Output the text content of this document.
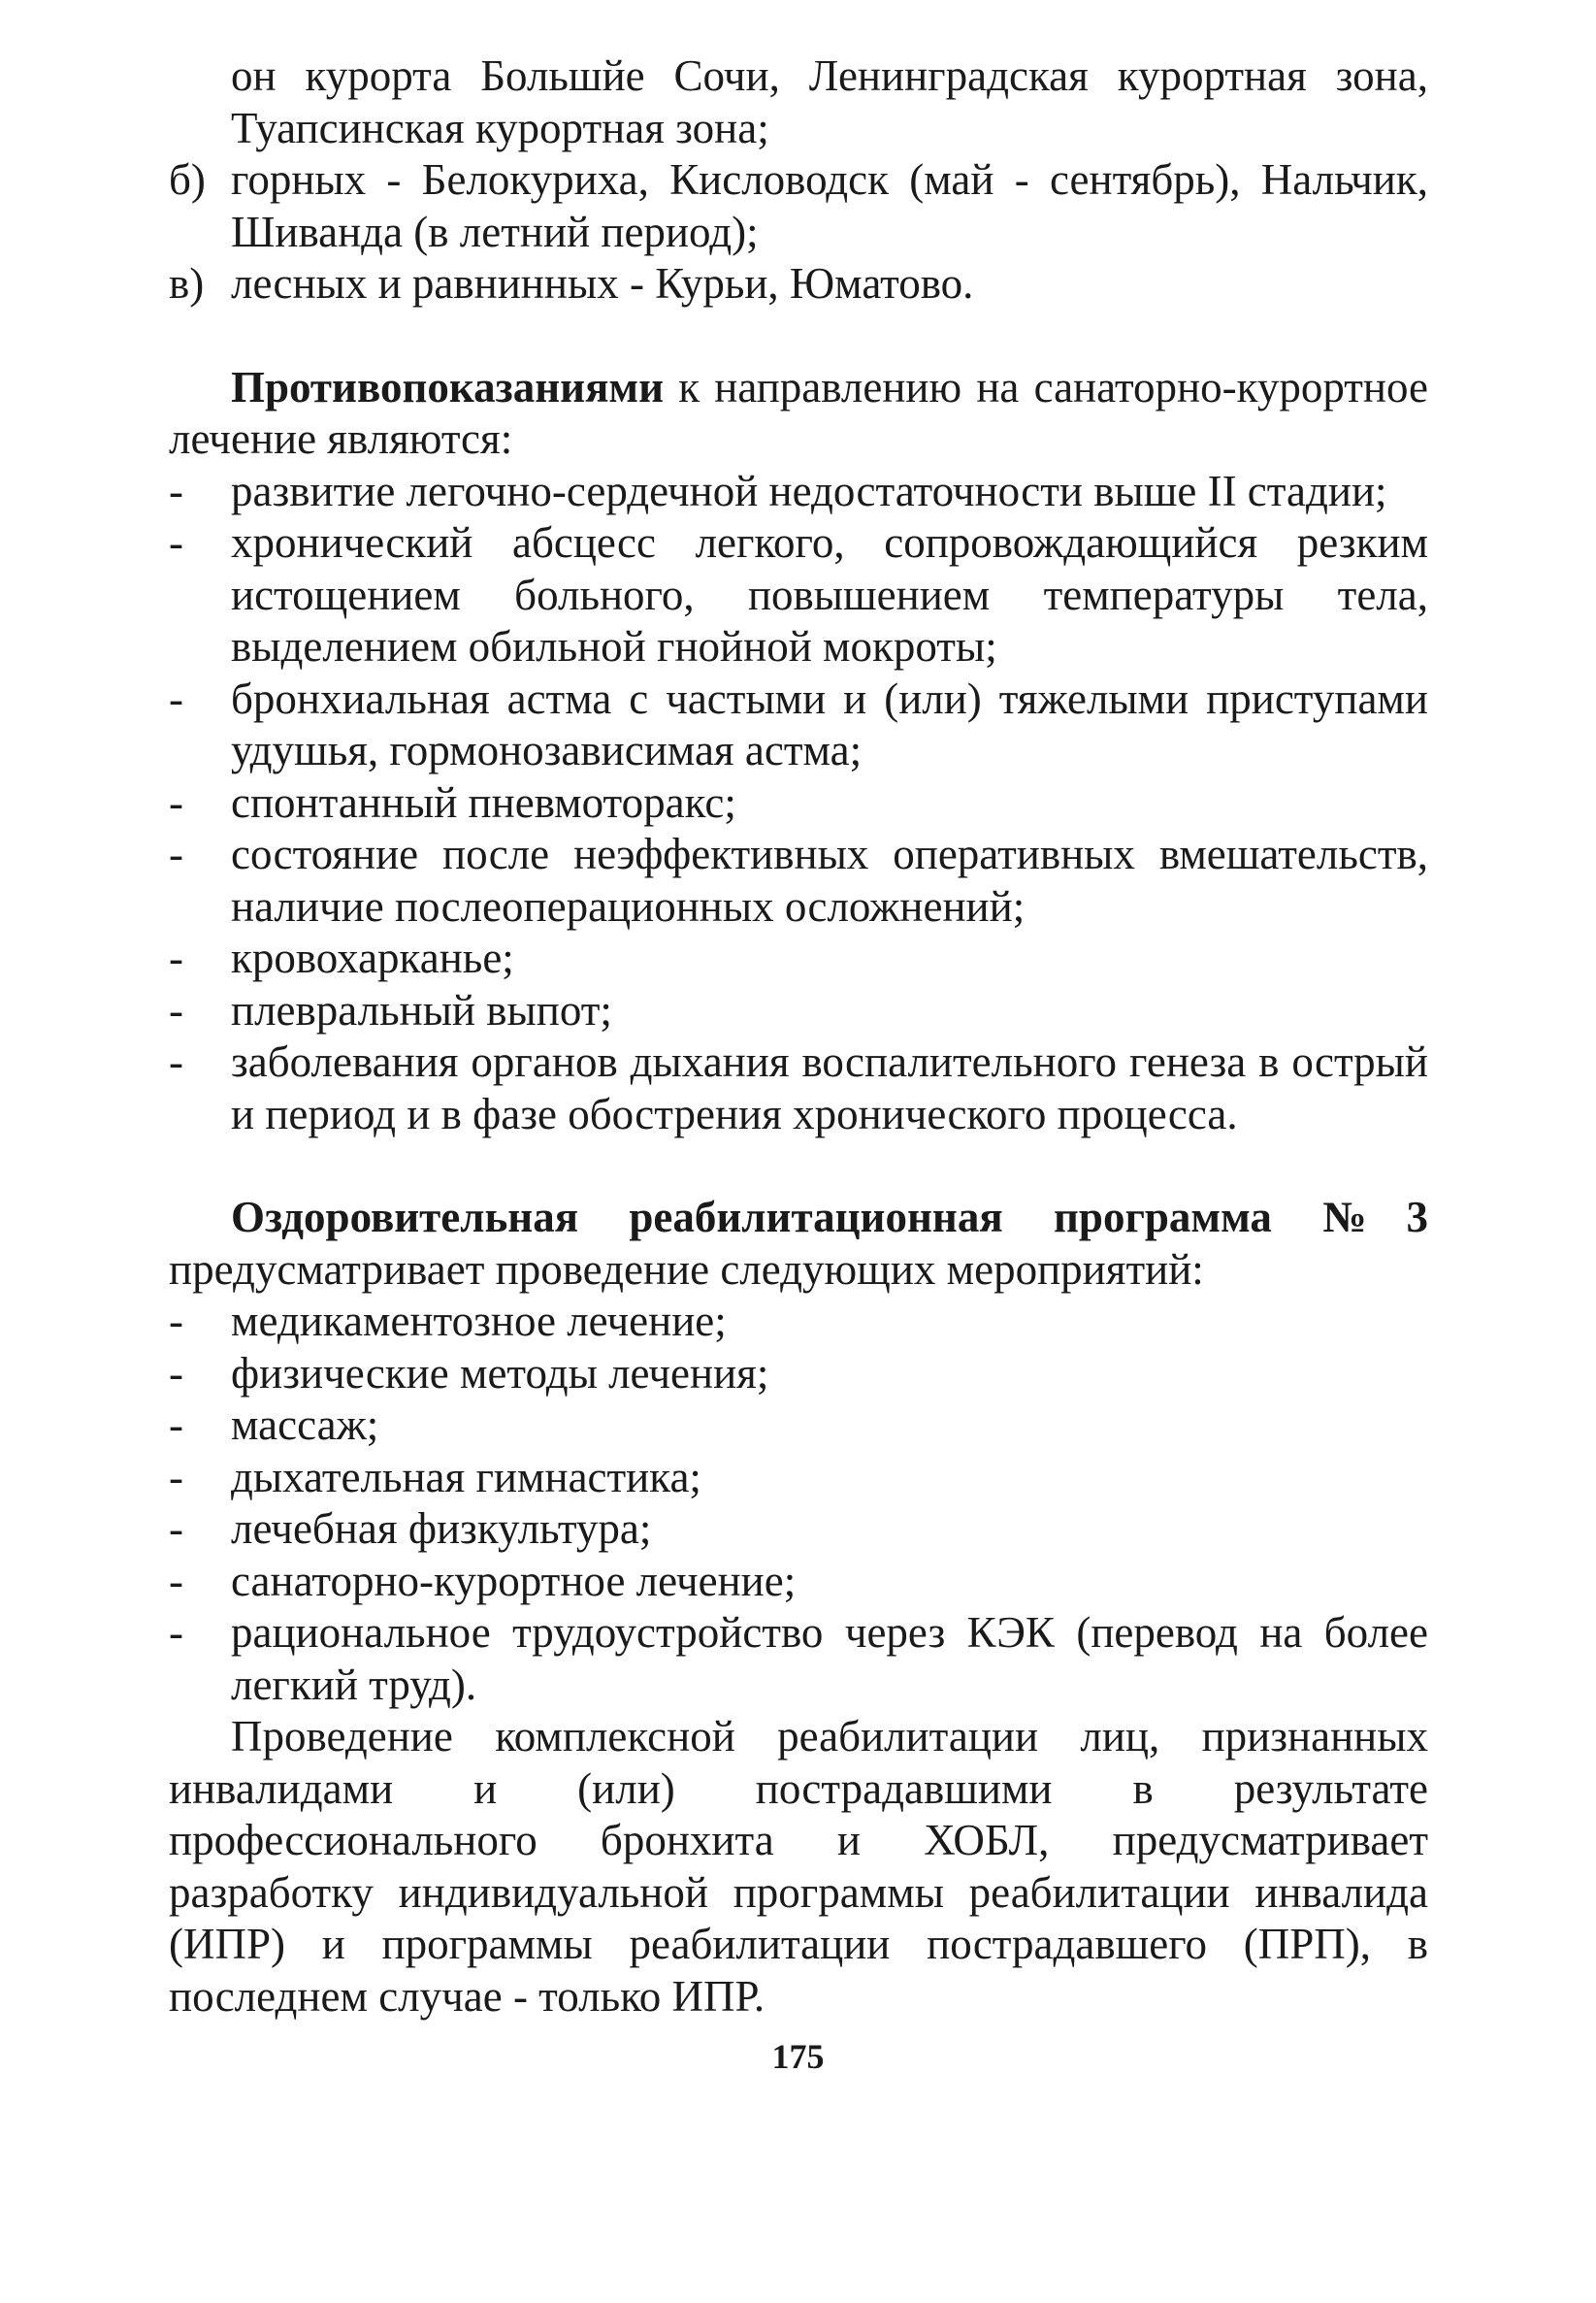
он курорта Большйе Сочи, Ленинградская курортная зона, Туапсинская курортная зона;
б) горных - Белокуриха, Кисловодск (май - сентябрь), Нальчик, Шиванда (в летний период);
в) лесных и равнинных - Курьи, Юматово.

Противопоказаниями к направлению на санаторно-курортное лечение являются:

-	развитие легочно-сердечной недостаточности выше II стадии;
-	хронический абсцесс легкого, сопровождающийся резким истощением больного, повышением температуры тела, выделением обильной гнойной мокроты;
-	бронхиальная астма с частыми и (или) тяжелыми приступами удушья, гормонозависимая астма;
-	спонтанный пневмоторакс;
-	состояние после неэффективных оперативных вмешательств, наличие послеоперационных осложнений;
-	кровохарканье;
-	плевральный выпот;
-	заболевания органов дыхания воспалительного генеза в острый и период и в фазе обострения хронического процесса.

Оздоровительная реабилитационная программа №3 предусматривает проведение следующих мероприятий:

-	медикаментозное лечение;
-	физические методы лечения;
-	массаж;
-	дыхательная гимнастика;
-	лечебная физкультура;
-	санаторно-курортное лечение;
-	рациональное трудоустройство через КЭК (перевод на более легкий труд).

Проведение комплексной реабилитации лиц, признанных инвалидами и (или) пострадавшими в результате профессионального бронхита и ХОБЛ, предусматривает разработку индивидуальной программы реабилитации инвалида (ИПР) и программы реабилитации пострадавшего (ПРП), в последнем случае - только ИПР.

175
